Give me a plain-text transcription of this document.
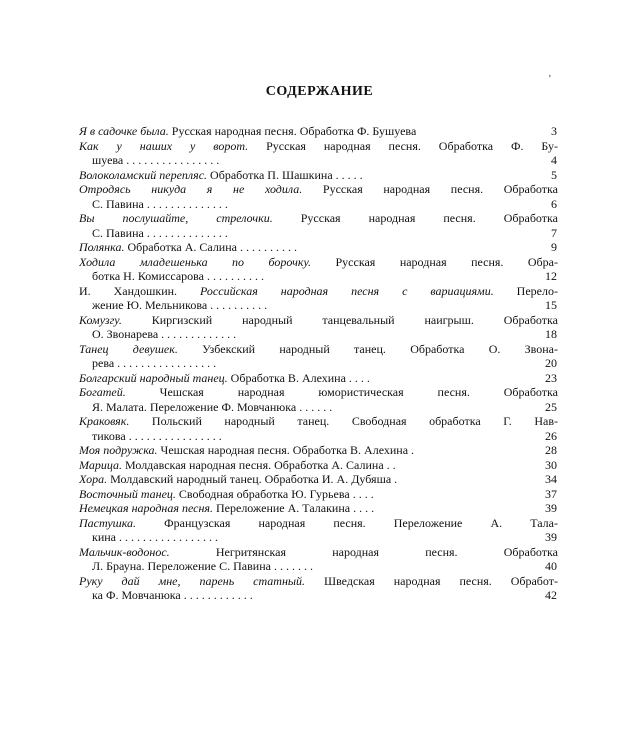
СОДЕРЖАНИЕ
'
Я в садочке была. Русская народная песня. Обработка Ф. Бушуева	3
Как у наших у ворот. Русская народная песня. Обработка Ф. Бу-
шуева . . . . . . . . . . . . . . . .	4
Волоколамский перепляс. Обработка П. Шашкина . . . . .	5
Отродясь никуда я не ходила. Русская народная песня. Обработка
С. Павина . . . . . . . . . . . . . .	6
Вы послушайте, стрелочки. Русская народная песня. Обработка
С. Павина . . . . . . . . . . . . . .	7
Полянка. Обработка А. Салина . . . . . . . . . .	9
Ходила младешенька по борочку. Русская народная песня. Обра-
ботка Н. Комиссарова . . . . . . . . . .	12
И. Хандошкин. Российская народная песня с вариациями. Перело-
жение Ю. Мельникова . . . . . . . . . .	15
Комузгу. Киргизский народный танцевальный наигрыш. Обработка
О. Звонарева . . . . . . . . . . . . .	18
Танец девушек. Узбекский народный танец. Обработка О. Звона-
рева . . . . . . . . . . . . . . . . .	20
Болгарский народный танец. Обработка В. Алехина . . . .	23
Богатей. Чешская народная юмористическая песня. Обработка
Я. Малата. Переложение Ф. Мовчанюка . . . . . .	25
Краковяк. Польский народный танец. Свободная обработка Г. Нав-
тикова . . . . . . . . . . . . . . . .	26
Моя подружка. Чешская народная песня. Обработка В. Алехина .	28
Марица. Молдавская народная песня. Обработка А. Салина . .	30
Хора. Молдавский народный танец. Обработка И. А. Дубяша .	34
Восточный танец. Свободная обработка Ю. Гурьева . . . .	37
Немецкая народная песня. Переложение А. Талакина . . . .	39
Пастушка. Французская народная песня. Переложение А. Тала-
кина . . . . . . . . . . . . . . . . .	39
Мальчик-водонос. Негритянская народная песня. Обработка
Л. Брауна. Переложение С. Павина . . . . . . .	40
Руку дай мне, парень статный. Шведская народная песня. Обработ-
ка Ф. Мовчанюка . . . . . . . . . . . .	42
